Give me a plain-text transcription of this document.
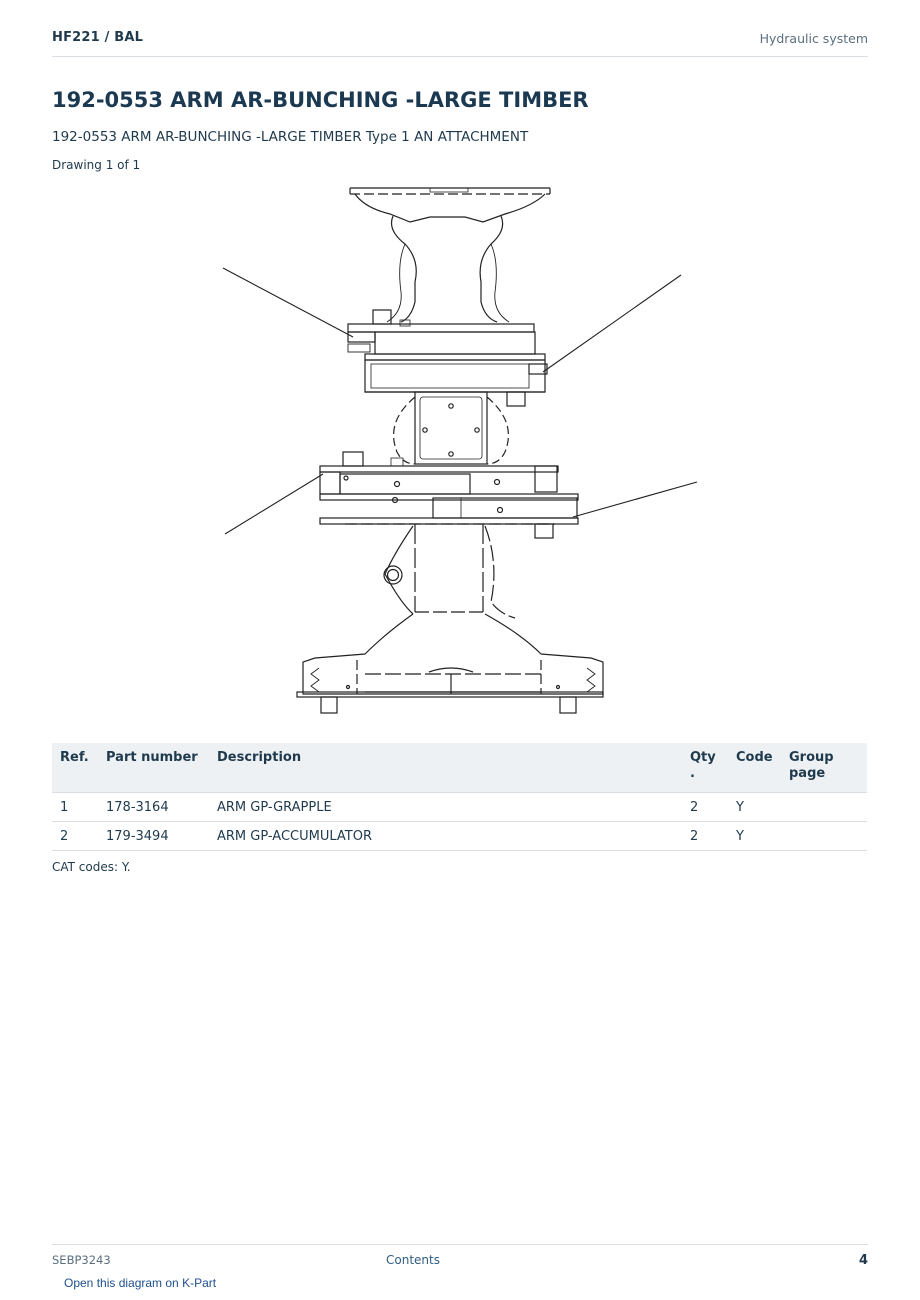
HF221 / BAL	Hydraulic system
192-0553 ARM AR-BUNCHING -LARGE TIMBER
192-0553 ARM AR-BUNCHING -LARGE TIMBER Type 1 AN ATTACHMENT
Drawing 1 of 1
Ref.	Part number	Description	Qty .	Code	Group page
1	178-3164	ARM GP-GRAPPLE	2	Y	
2	179-3494	ARM GP-ACCUMULATOR	2	Y	
CAT codes: Y.
SEBP3243	Contents	4
Open this diagram on K-Part
